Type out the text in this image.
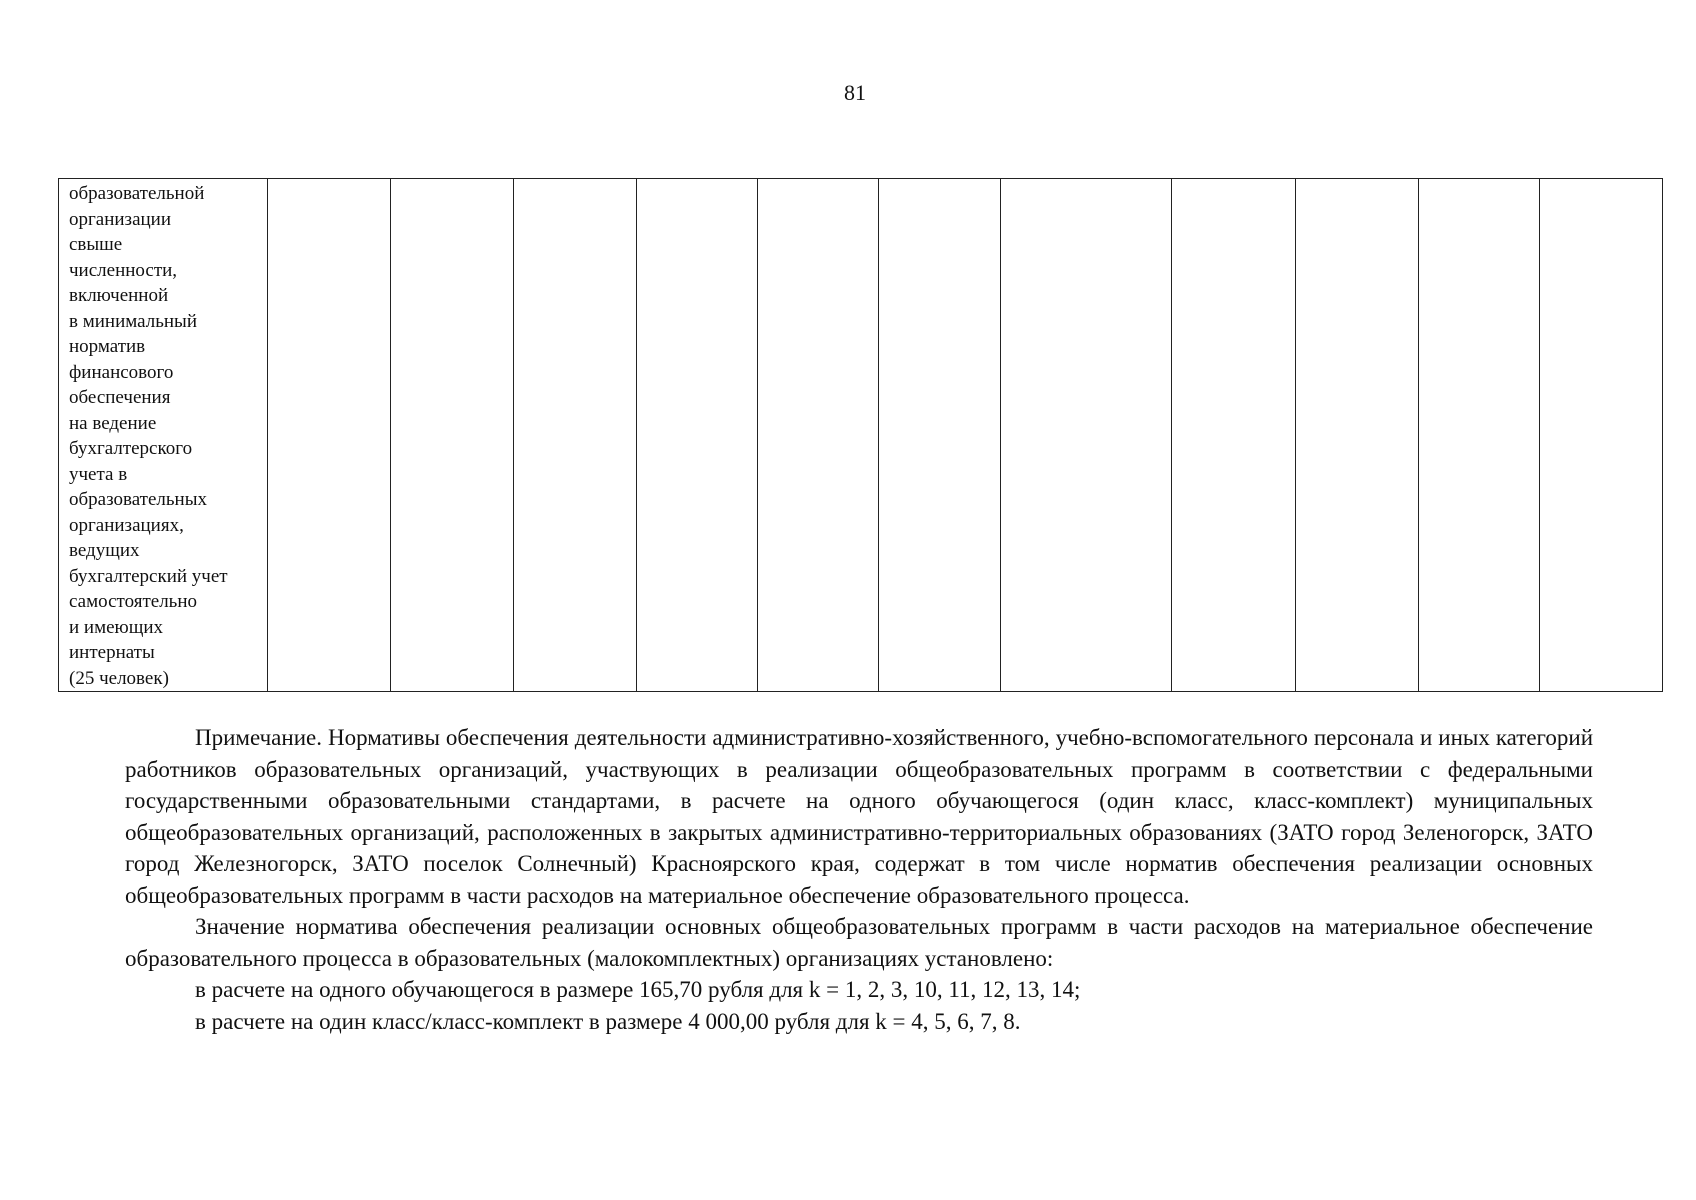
81
образовательной
организации
свыше
численности,
включенной
в минимальный
норматив
финансового
обеспечения
на ведение
бухгалтерского
учета в
образовательных
организациях,
ведущих
бухгалтерский учет
самостоятельно
и имеющих
интернаты
(25 человек)

Примечание. Нормативы обеспечения деятельности административно-хозяйственного, учебно-вспомогательного персонала и иных категорий работников образовательных организаций, участвующих в реализации общеобразовательных программ в соответствии с федеральными государственными образовательными стандартами, в расчете на одного обучающегося (один класс, класс-комплект) муниципальных общеобразовательных организаций, расположенных в закрытых административно-территориальных образованиях (ЗАТО город Зеленогорск, ЗАТО город Железногорск, ЗАТО поселок Солнечный) Красноярского края, содержат в том числе норматив обеспечения реализации основных общеобразовательных программ в части расходов на материальное обеспечение образовательного процесса.

Значение норматива обеспечения реализации основных общеобразовательных программ в части расходов на материальное обеспечение образовательного процесса в образовательных (малокомплектных) организациях установлено:

в расчете на одного обучающегося в размере 165,70 рубля для k = 1, 2, 3, 10, 11, 12, 13, 14;
в расчете на один класс/класс-комплект в размере 4 000,00 рубля для k = 4, 5, 6, 7, 8.
